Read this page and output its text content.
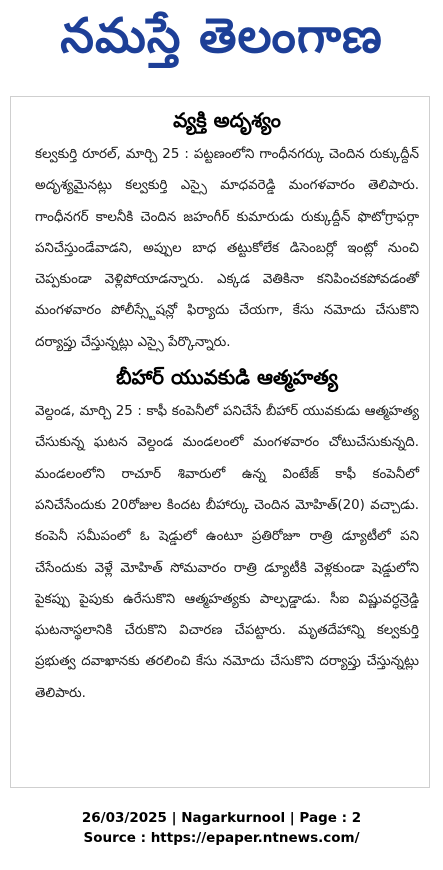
నమస్తే తెలంగాణ
వ్యక్తి అదృశ్యం

కల్వకుర్తి రూరల్, మార్చి 25 : పట్టణంలోని గాంధీనగర్కు చెందిన రుక్కుద్దీన్ అదృశ్యమైనట్లు కల్వకుర్తి ఎస్సై మాధవరెడ్డి మంగళవారం తెలిపారు. గాంధీనగర్ కాలనీకి చెందిన జహంగీర్ కుమారుడు రుక్కుద్దీన్ ఫొటోగ్రాఫర్గా పనిచేస్తుండేవాడని, అప్పుల బాధ తట్టుకోలేక డిసెంబర్లో ఇంట్లో నుంచి చెప్పకుండా వెళ్లిపోయాడన్నారు. ఎక్కడ వెతికినా కనిపించకపోవడంతో మంగళవారం పోలీస్స్టేషన్లో ఫిర్యాదు చేయగా, కేసు నమోదు చేసుకొని దర్యాప్తు చేస్తున్నట్లు ఎస్సై పేర్కొన్నారు.

బీహార్ యువకుడి ఆత్మహత్య

వెల్దండ, మార్చి 25 : కాఫీ కంపెనీలో పనిచేసే బీహార్ యువకుడు ఆత్మహత్య చేసుకున్న ఘటన వెల్దండ మండలంలో మంగళవారం చోటుచేసుకున్నది. మండలంలోని రాచూర్ శివారులో ఉన్న వింటేజ్ కాఫీ కంపెనీలో పనిచేసేందుకు 20రోజుల కిందట బీహార్కు చెందిన మోహిత్(20) వచ్చాడు. కంపెనీ సమీపంలో ఓ షెడ్డులో ఉంటూ ప్రతిరోజూ రాత్రి డ్యూటీలో పని చేసేందుకు వెళ్లే మోహిత్ సోమవారం రాత్రి డ్యూటీకి వెళ్లకుండా షెడ్డులోని పైకప్పు పైపుకు ఉరేసుకొని ఆత్మహత్యకు పాల్పడ్డాడు. సీఐ విష్ణువర్ధన్రెడ్డి ఘటనాస్థలానికి చేరుకొని విచారణ చేపట్టారు. మృతదేహాన్ని కల్వకుర్తి ప్రభుత్వ దవాఖానకు తరలించి కేసు నమోదు చేసుకొని దర్యాప్తు చేస్తున్నట్లు తెలిపారు.

26/03/2025 | Nagarkurnool | Page : 2
Source : https://epaper.ntnews.com/
